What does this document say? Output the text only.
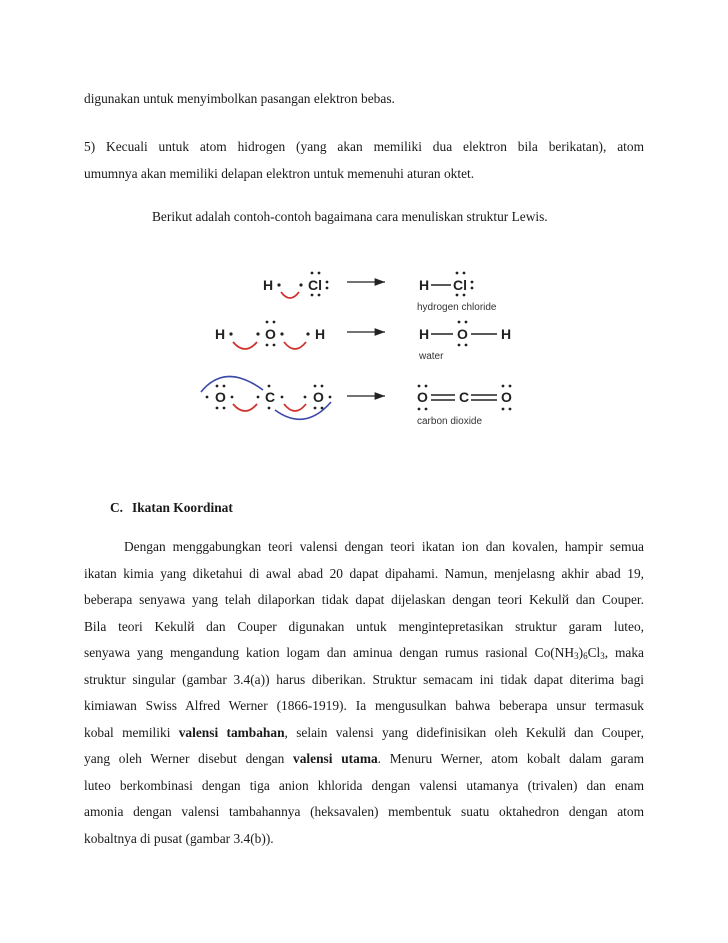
digunakan untuk menyimbolkan pasangan elektron bebas.

5) Kecuali untuk atom hidrogen (yang akan memiliki dua elektron bila berikatan), atom
umumnya akan memiliki delapan elektron untuk memenuhi aturan oktet.

Berikut adalah contoh-contoh bagaimana cara menuliskan struktur Lewis.

H Cl	H Cl
H	O	H	H O H
O	C	O	O C O
hydrogen chloride
water
carbon dioxide
C. Ikatan Koordinat

Dengan menggabungkan teori valensi dengan teori ikatan ion dan kovalen, hampir semua
ikatan kimia yang diketahui di awal abad 20 dapat dipahami. Namun, menjelasng akhir abad 19,
beberapa senyawa yang telah dilaporkan tidak dapat dijelaskan dengan teori Kekulй dan Couper.
Bila teori Kekulй dan Couper digunakan untuk mengintepretasikan struktur garam luteo,
senyawa yang mengandung kation logam dan aminua dengan rumus rasional $Co(NH_3)_6Cl_3$, maka
struktur singular (gambar 3.4(a)) harus diberikan. Struktur semacam ini tidak dapat diterima bagi
kimiawan Swiss Alfred Werner (1866-1919). Ia mengusulkan bahwa beberapa unsur termasuk
kobal memiliki valensi tambahan, selain valensi yang didefinisikan oleh Kekulй dan Couper,
yang oleh Werner disebut dengan valensi utama. Menuru Werner, atom kobalt dalam garam
luteo berkombinasi dengan tiga anion khlorida dengan valensi utamanya (trivalen) dan enam
amonia dengan valensi tambahannya (heksavalen) membentuk suatu oktahedron dengan atom
kobaltnya di pusat (gambar 3.4(b)).
